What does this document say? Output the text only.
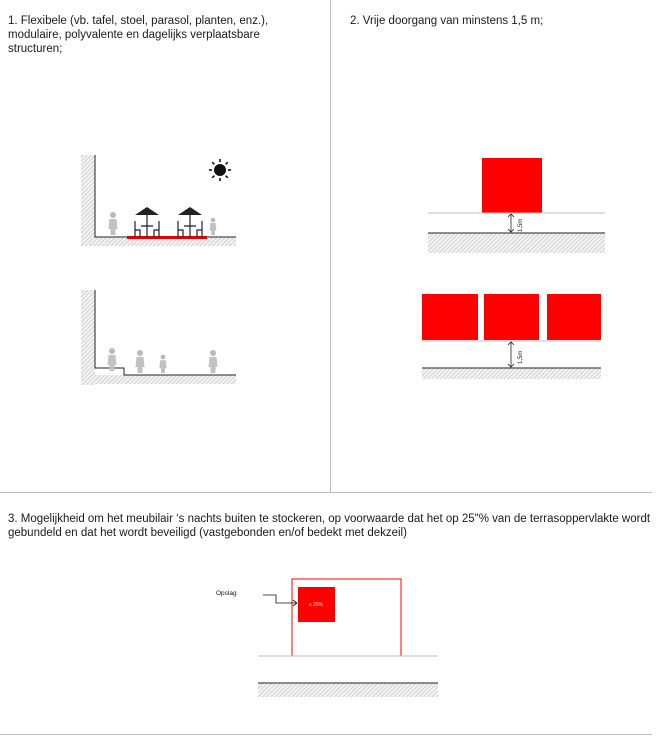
1. Flexibele (vb. tafel, stoel, parasol, planten, enz.), modulaire, polyvalente en dagelijks verplaatsbare structuren;
2. Vrije doorgang van minstens 1,5 m;
3. Mogelijkheid om het meubilair ‘s nachts buiten te stockeren, op voorwaarde dat het op 25"% van de terrasoppervlakte wordt gebundeld en dat het wordt beveiligd (vastgebonden en/of bedekt met dekzeil)
1,5m
1,5m
≤ 25%
Opslag
